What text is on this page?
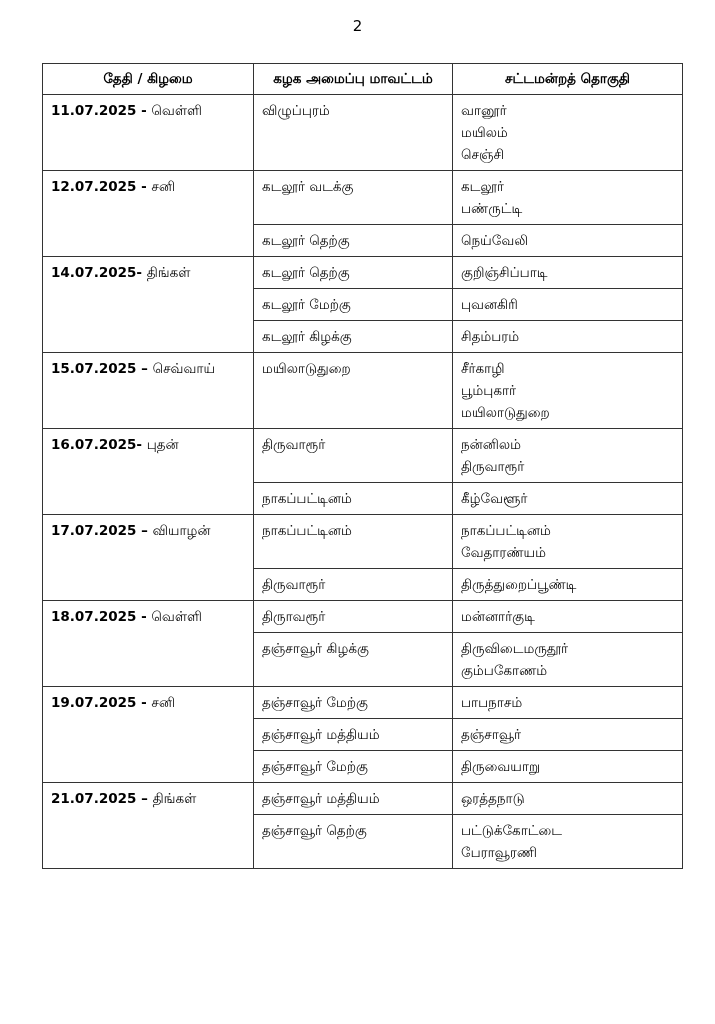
2
தேதி / கிழமை	கழக அமைப்பு மாவட்டம்	சட்டமன்றத் தொகுதி
11.07.2025 - வெள்ளி	விழுப்புரம்	வானூர்
மயிலம்
செஞ்சி

12.07.2025 - சனி	கடலூர் வடக்கு	கடலூர்
பண்ருட்டி

	கடலூர் தெற்கு	நெய்வேலி

14.07.2025- திங்கள்	கடலூர் தெற்கு	குறிஞ்சிப்பாடி

	கடலூர் மேற்கு	புவனகிரி

	கடலூர் கிழக்கு	சிதம்பரம்

15.07.2025 – செவ்வாய்	மயிலாடுதுறை	சீர்காழி
பூம்புகார்
மயிலாடுதுறை

16.07.2025- புதன்	திருவாரூர்	நன்னிலம்
திருவாரூர்

	நாகப்பட்டினம்	கீழ்வேளூர்

17.07.2025 – வியாழன்	நாகப்பட்டினம்	நாகப்பட்டினம்
வேதாரண்யம்

	திருவாரூர்	திருத்துறைப்பூண்டி

18.07.2025 - வெள்ளி	திருாவரூர்	மன்னார்குடி

	தஞ்சாவூர் கிழக்கு	திருவிடைமருதூர்
கும்பகோணம்

19.07.2025 - சனி	தஞ்சாவூர் மேற்கு	பாபநாசம்

	தஞ்சாவூர் மத்தியம்	தஞ்சாவூர்

	தஞ்சாவூர் மேற்கு	திருவையாறு

21.07.2025 – திங்கள்	தஞ்சாவூர் மத்தியம்	ஒரத்தநாடு

	தஞ்சாவூர் தெற்கு	பட்டுக்கோட்டை
பேராவூரணி
